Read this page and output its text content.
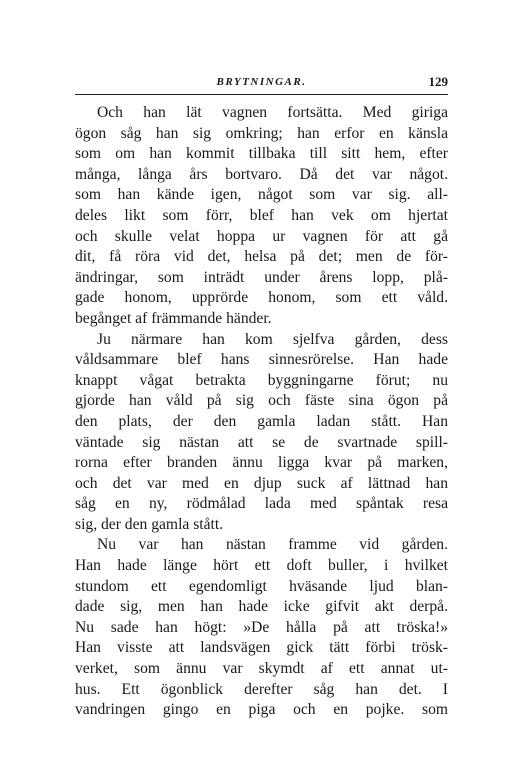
BRYTNINGAR.	129
Och han lät vagnen fortsätta. Med giriga
ögon såg han sig omkring; han erfor en känsla
som om han kommit tillbaka till sitt hem, efter
många, långa års bortvaro. Då det var något.
som han kände igen, något som var sig. all-
deles likt som förr, blef han vek om hjertat
och skulle velat hoppa ur vagnen för att gå
dit, få röra vid det, helsa på det; men de för-
ändringar, som inträdt under årens lopp, plå-
gade honom, upprörde honom, som ett våld.
begånget af främmande händer.
Ju närmare han kom sjelfva gården, dess
våldsammare blef hans sinnesrörelse. Han hade
knappt vågat betrakta byggningarne förut; nu
gjorde han våld på sig och fäste sina ögon på
den plats, der den gamla ladan stått. Han
väntade sig nästan att se de svartnade spill-
rorna efter branden ännu ligga kvar på marken,
och det var med en djup suck af lättnad han
såg en ny, rödmålad lada med spåntak resa
sig, der den gamla stått.
Nu var han nästan framme vid gården.
Han hade länge hört ett doft buller, i hvilket
stundom ett egendomligt hväsande ljud blan-
dade sig, men han hade icke gifvit akt derpå.
Nu sade han högt: »De hålla på att tröska!»
Han visste att landsvägen gick tätt förbi trösk-
verket, som ännu var skymdt af ett annat ut-
hus. Ett ögonblick derefter såg han det. I
vandringen gingo en piga och en pojke. som
